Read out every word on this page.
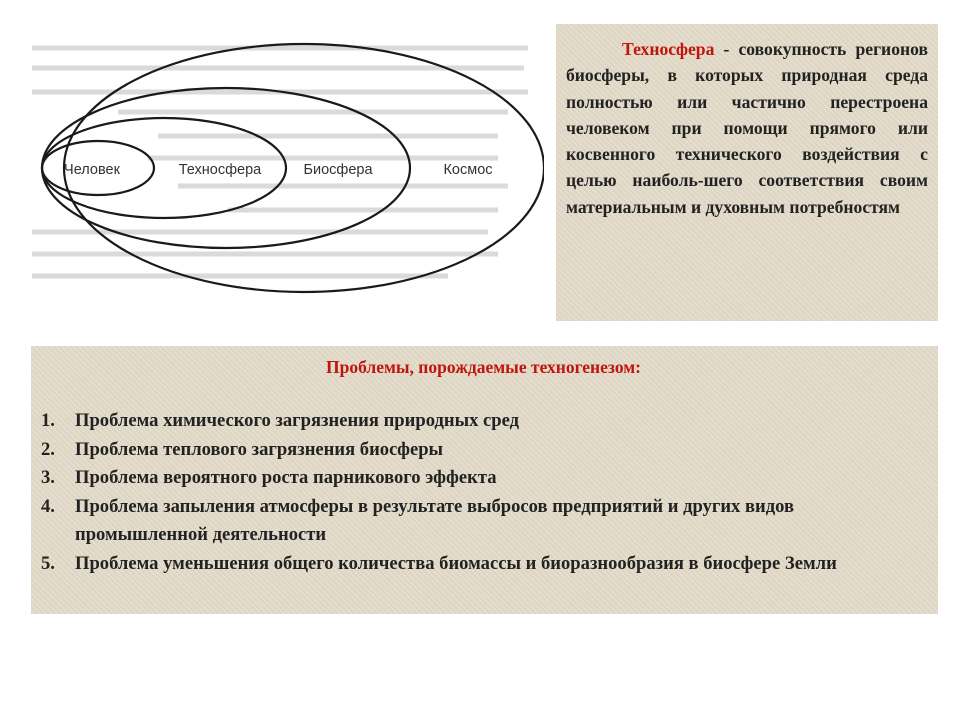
Человек	Техносфера	Биосфера	Космос

Техносфера - совокупность регионов биосферы, в которых природная среда полностью или частично перестроена человеком при помощи прямого или косвенного технического воздействия с целью наиболь-шего соответствия своим материальным и духовным потребностям

Проблемы, порождаемые техногенезом:
1. Проблема химического загрязнения природных сред
2. Проблема теплового загрязнения биосферы
3. Проблема вероятного роста парникового эффекта
4. Проблема запыления атмосферы в результате выбросов предприятий и других видов промышленной деятельности
5. Проблема уменьшения общего количества биомассы и биоразнообразия в биосфере Земли
